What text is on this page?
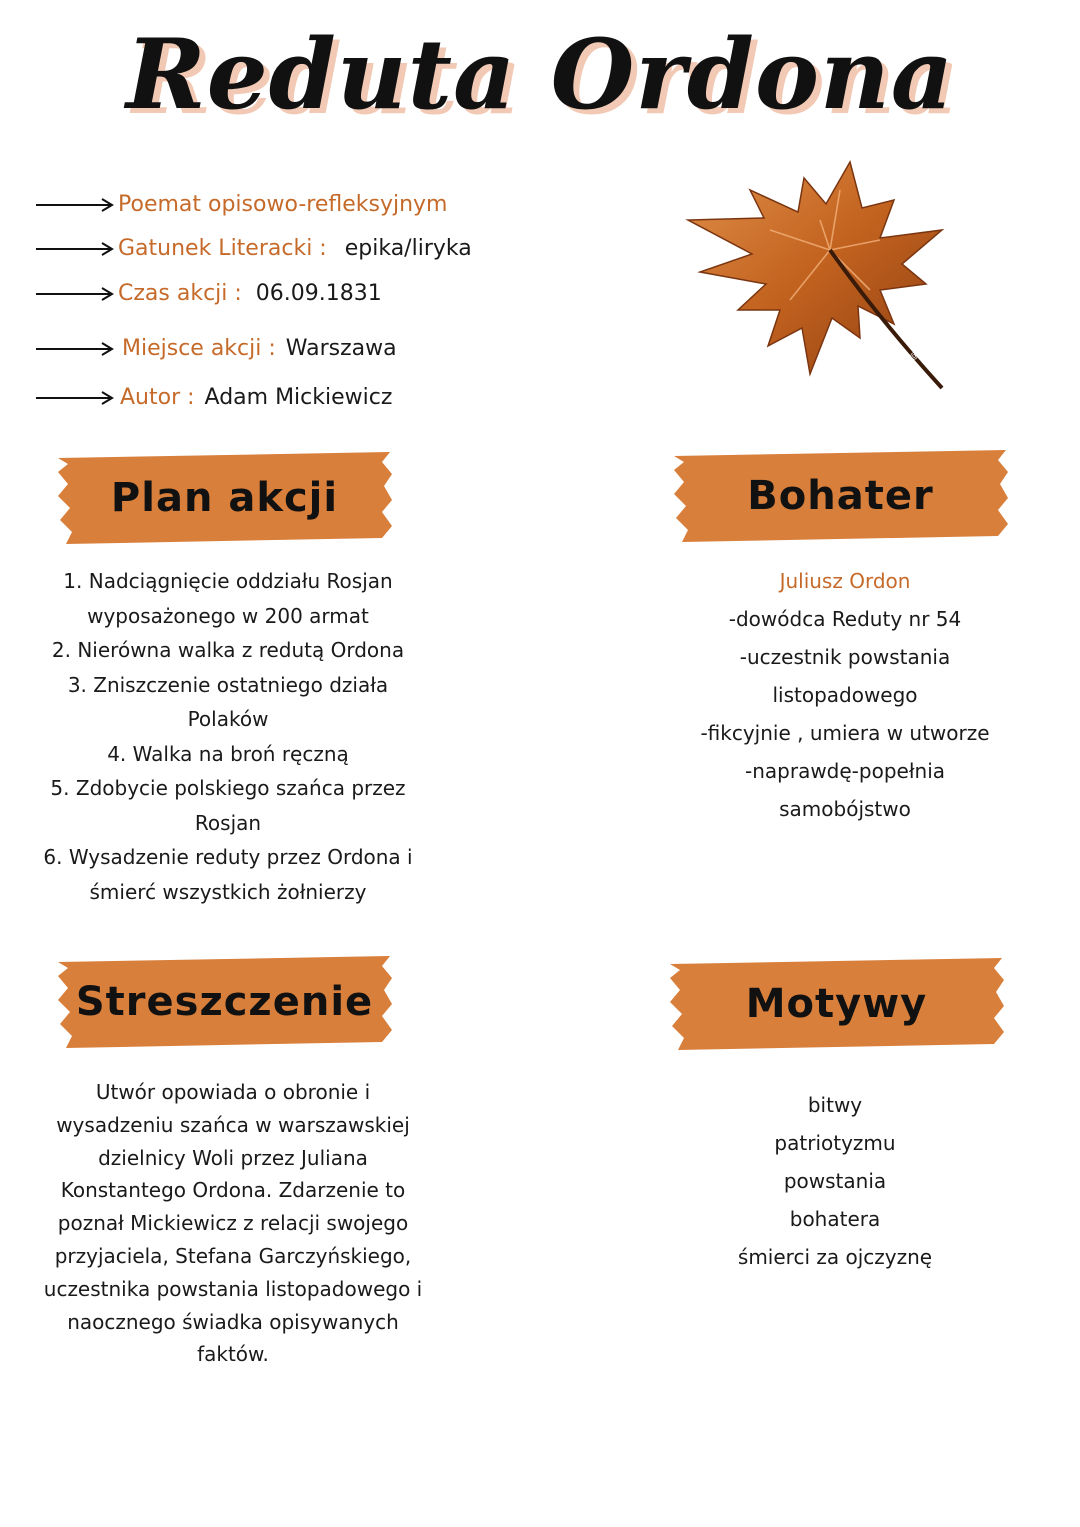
Reduta Ordona
Poemat opisowo-refleksyjnym
Gatunek Literacki : epika/liryka
Czas akcji : 06.09.1831
Miejsce akcji : Warszawa
Autor : Adam Mickiewicz
@studyhard
Plan akcji

1. Nadciągnięcie oddziału Rosjan

wyposażonego w 200 armat

2. Nierówna walka z redutą Ordona

3. Zniszczenie ostatniego działa

Polaków

4. Walka na broń ręczną

5. Zdobycie polskiego szańca przez

Rosjan

6. Wysadzenie reduty przez Ordona i

śmierć wszystkich żołnierzy

Bohater

Juliusz Ordon

-dowódca Reduty nr 54

-uczestnik powstania

listopadowego

-fikcyjnie , umiera w utworze

-naprawdę-popełnia

samobójstwo

Streszczenie

Utwór opowiada o obronie i

wysadzeniu szańca w warszawskiej

dzielnicy Woli przez Juliana

Konstantego Ordona. Zdarzenie to

poznał Mickiewicz z relacji swojego

przyjaciela, Stefana Garczyńskiego,

uczestnika powstania listopadowego i

naocznego świadka opisywanych

faktów.

Motywy

bitwy

patriotyzmu

powstania

bohatera

śmierci za ojczyznę
